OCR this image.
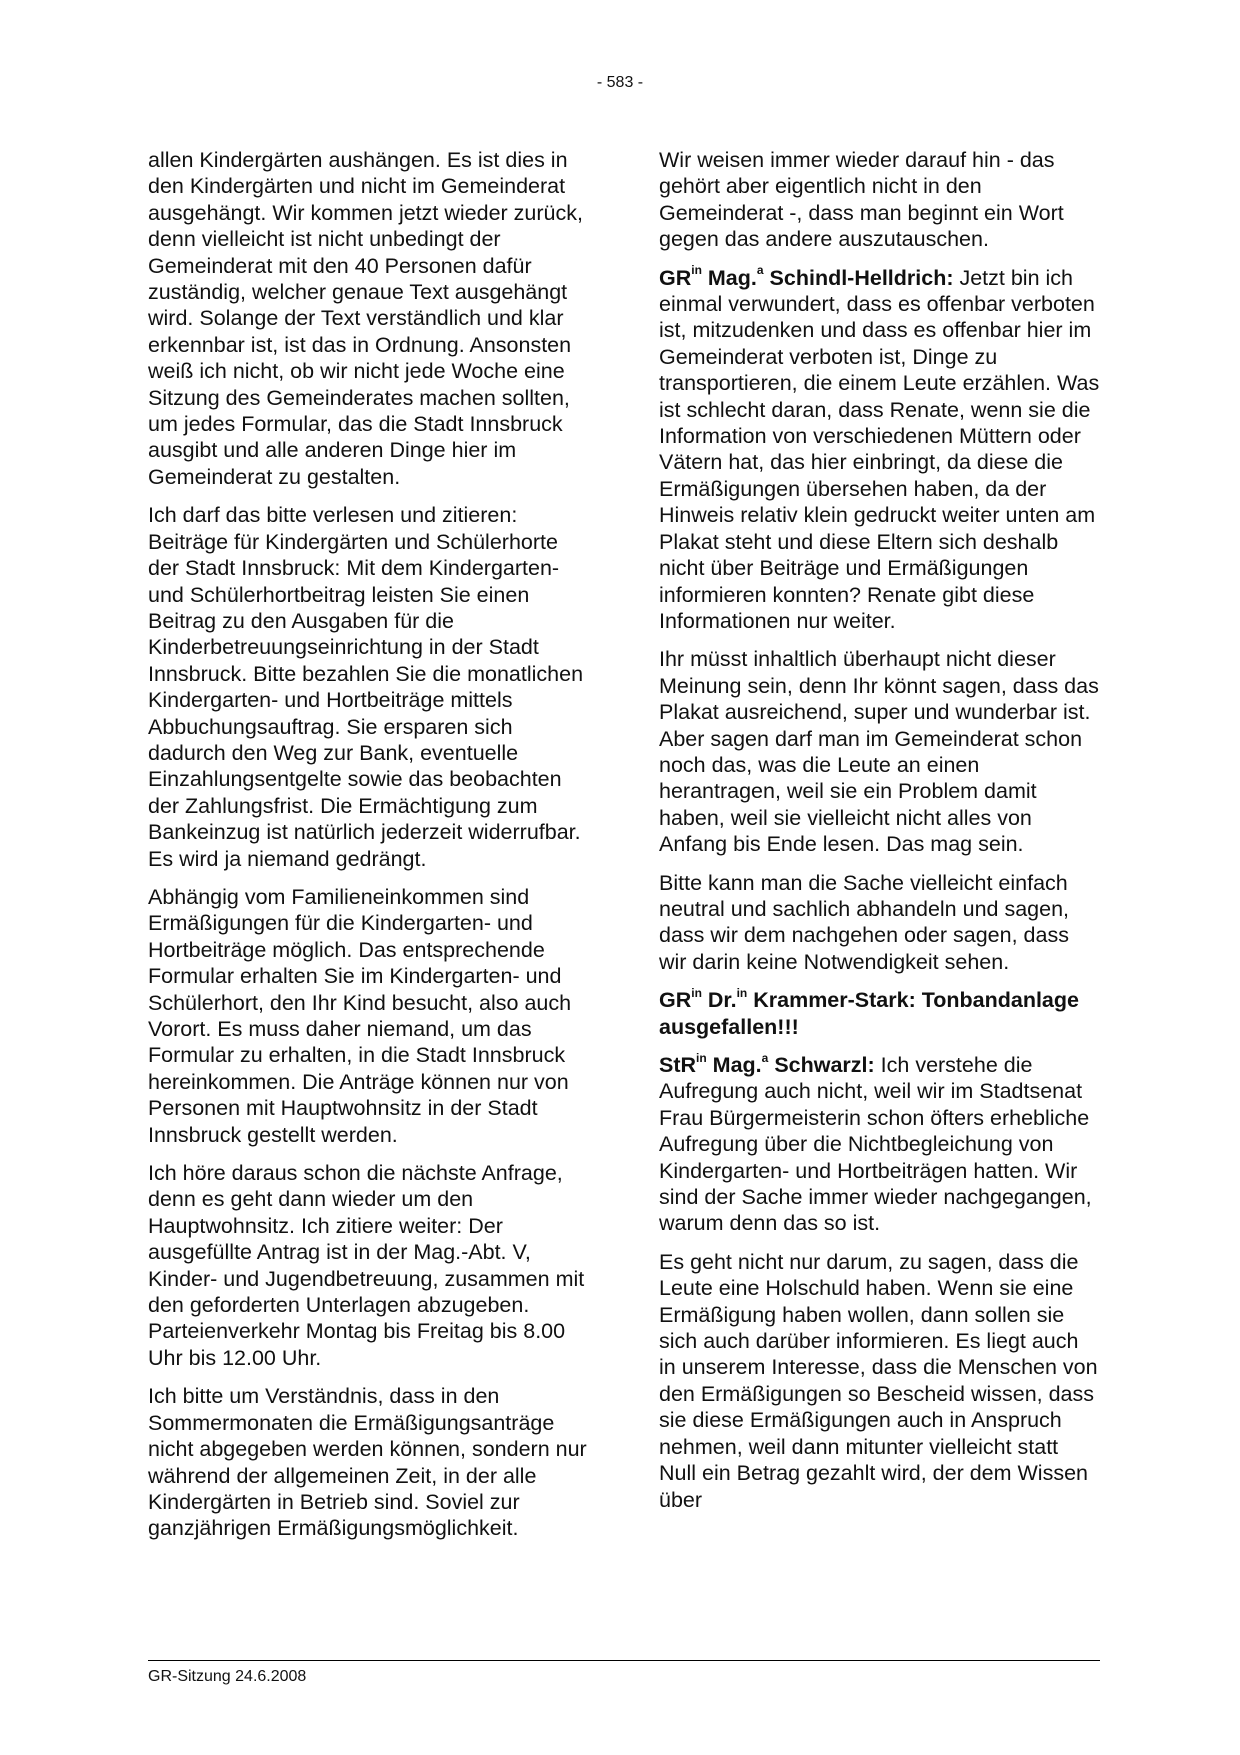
- 583 -

allen Kindergärten aushängen. Es ist dies in den Kindergärten und nicht im Gemeinderat ausgehängt. Wir kommen jetzt wieder zurück, denn vielleicht ist nicht unbedingt der Gemeinderat mit den 40 Personen dafür zuständig, welcher genaue Text ausgehängt wird. Solange der Text verständlich und klar erkennbar ist, ist das in Ordnung. Ansonsten weiß ich nicht, ob wir nicht jede Woche eine Sitzung des Gemeinderates machen sollten, um jedes Formular, das die Stadt Innsbruck ausgibt und alle anderen Dinge hier im Gemeinderat zu gestalten.

Ich darf das bitte verlesen und zitieren: Beiträge für Kindergärten und Schülerhorte der Stadt Innsbruck: Mit dem Kindergarten- und Schülerhortbeitrag leisten Sie einen Beitrag zu den Ausgaben für die Kinderbetreuungseinrichtung in der Stadt Innsbruck. Bitte bezahlen Sie die monatlichen Kindergarten- und Hortbeiträge mittels Abbuchungsauftrag. Sie ersparen sich dadurch den Weg zur Bank, eventuelle Einzahlungsentgelte sowie das beobachten der Zahlungsfrist. Die Ermächtigung zum Bankeinzug ist natürlich jederzeit widerrufbar. Es wird ja niemand gedrängt.

Abhängig vom Familieneinkommen sind Ermäßigungen für die Kindergarten- und Hortbeiträge möglich. Das entsprechende Formular erhalten Sie im Kindergarten- und Schülerhort, den Ihr Kind besucht, also auch Vorort. Es muss daher niemand, um das Formular zu erhalten, in die Stadt Innsbruck hereinkommen. Die Anträge können nur von Personen mit Hauptwohnsitz in der Stadt Innsbruck gestellt werden.

Ich höre daraus schon die nächste Anfrage, denn es geht dann wieder um den Hauptwohnsitz. Ich zitiere weiter: Der ausgefüllte Antrag ist in der Mag.-Abt. V, Kinder- und Jugendbetreuung, zusammen mit den geforderten Unterlagen abzugeben. Parteienverkehr Montag bis Freitag bis 8.00 Uhr bis 12.00 Uhr.

Ich bitte um Verständnis, dass in den Sommermonaten die Ermäßigungsanträge nicht abgegeben werden können, sondern nur während der allgemeinen Zeit, in der alle Kindergärten in Betrieb sind. Soviel zur ganzjährigen Ermäßigungsmöglichkeit.

Wir weisen immer wieder darauf hin - das gehört aber eigentlich nicht in den Gemeinderat -, dass man beginnt ein Wort gegen das andere auszutauschen.

$GR^{in}$ Mag.$^a$ Schindl-Helldrich: Jetzt bin ich einmal verwundert, dass es offenbar verboten ist, mitzudenken und dass es offenbar hier im Gemeinderat verboten ist, Dinge zu transportieren, die einem Leute erzählen. Was ist schlecht daran, dass Renate, wenn sie die Information von verschiedenen Müttern oder Vätern hat, das hier einbringt, da diese die Ermäßigungen übersehen haben, da der Hinweis relativ klein gedruckt weiter unten am Plakat steht und diese Eltern sich deshalb nicht über Beiträge und Ermäßigungen informieren konnten? Renate gibt diese Informationen nur weiter.

Ihr müsst inhaltlich überhaupt nicht dieser Meinung sein, denn Ihr könnt sagen, dass das Plakat ausreichend, super und wunderbar ist. Aber sagen darf man im Gemeinderat schon noch das, was die Leute an einen herantragen, weil sie ein Problem damit haben, weil sie vielleicht nicht alles von Anfang bis Ende lesen. Das mag sein.

Bitte kann man die Sache vielleicht einfach neutral und sachlich abhandeln und sagen, dass wir dem nachgehen oder sagen, dass wir darin keine Notwendigkeit sehen.

$GR^{in}$ Dr.$^{in}$ Krammer-Stark: Tonbandanlage ausgefallen!!!

StR$^{in}$ Mag.$^a$ Schwarzl: Ich verstehe die Aufregung auch nicht, weil wir im Stadtsenat Frau Bürgermeisterin schon öfters erhebliche Aufregung über die Nichtbegleichung von Kindergarten- und Hortbeiträgen hatten. Wir sind der Sache immer wieder nachgegangen, warum denn das so ist.

Es geht nicht nur darum, zu sagen, dass die Leute eine Holschuld haben. Wenn sie eine Ermäßigung haben wollen, dann sollen sie sich auch darüber informieren. Es liegt auch in unserem Interesse, dass die Menschen von den Ermäßigungen so Bescheid wissen, dass sie diese Ermäßigungen auch in Anspruch nehmen, weil dann mitunter vielleicht statt Null ein Betrag gezahlt wird, der dem Wissen über

GR-Sitzung 24.6.2008
